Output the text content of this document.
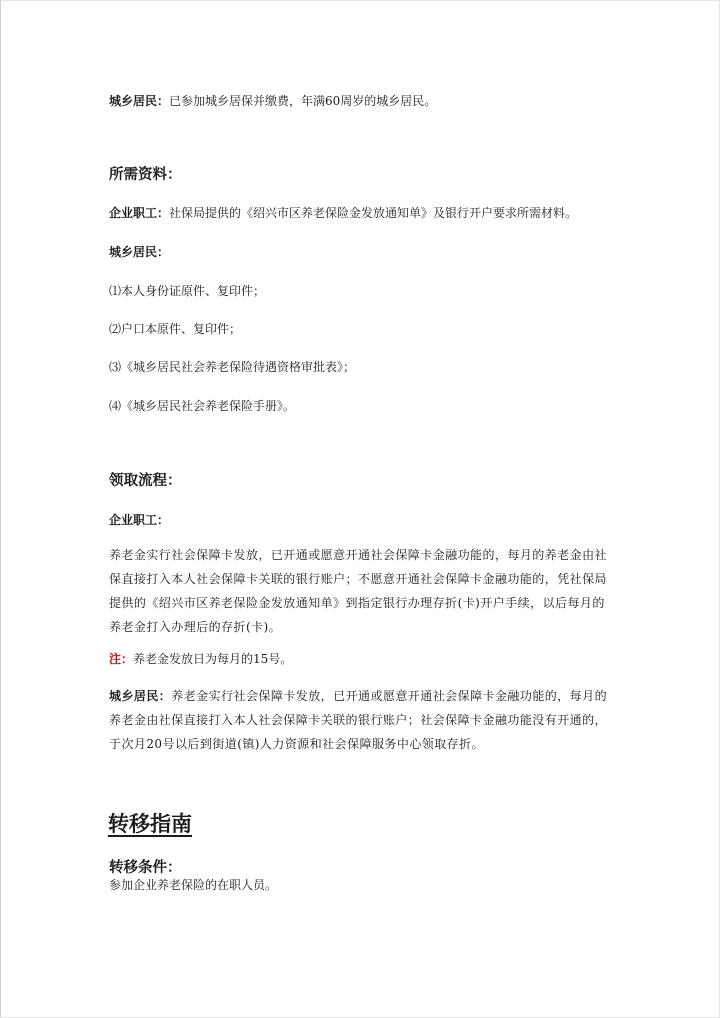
城乡居民：已参加城乡居保并缴费，年满60周岁的城乡居民。
所需资料：
企业职工：社保局提供的《绍兴市区养老保险金发放通知单》及银行开户要求所需材料。
城乡居民：
⑴本人身份证原件、复印件；
⑵户口本原件、复印件；
⑶《城乡居民社会养老保险待遇资格审批表》；
⑷《城乡居民社会养老保险手册》。
领取流程：
企业职工：
养老金实行社会保障卡发放，已开通或愿意开通社会保障卡金融功能的，每月的养老金由社保直接打入本人社会保障卡关联的银行账户；不愿意开通社会保障卡金融功能的，凭社保局提供的《绍兴市区养老保险金发放通知单》到指定银行办理存折(卡)开户手续，以后每月的养老金打入办理后的存折(卡)。
注：养老金发放日为每月的15号。
城乡居民：养老金实行社会保障卡发放，已开通或愿意开通社会保障卡金融功能的，每月的养老金由社保直接打入本人社会保障卡关联的银行账户；社会保障卡金融功能没有开通的，于次月20号以后到街道(镇)人力资源和社会保障服务中心领取存折。
转移指南
转移条件：
参加企业养老保险的在职人员。
